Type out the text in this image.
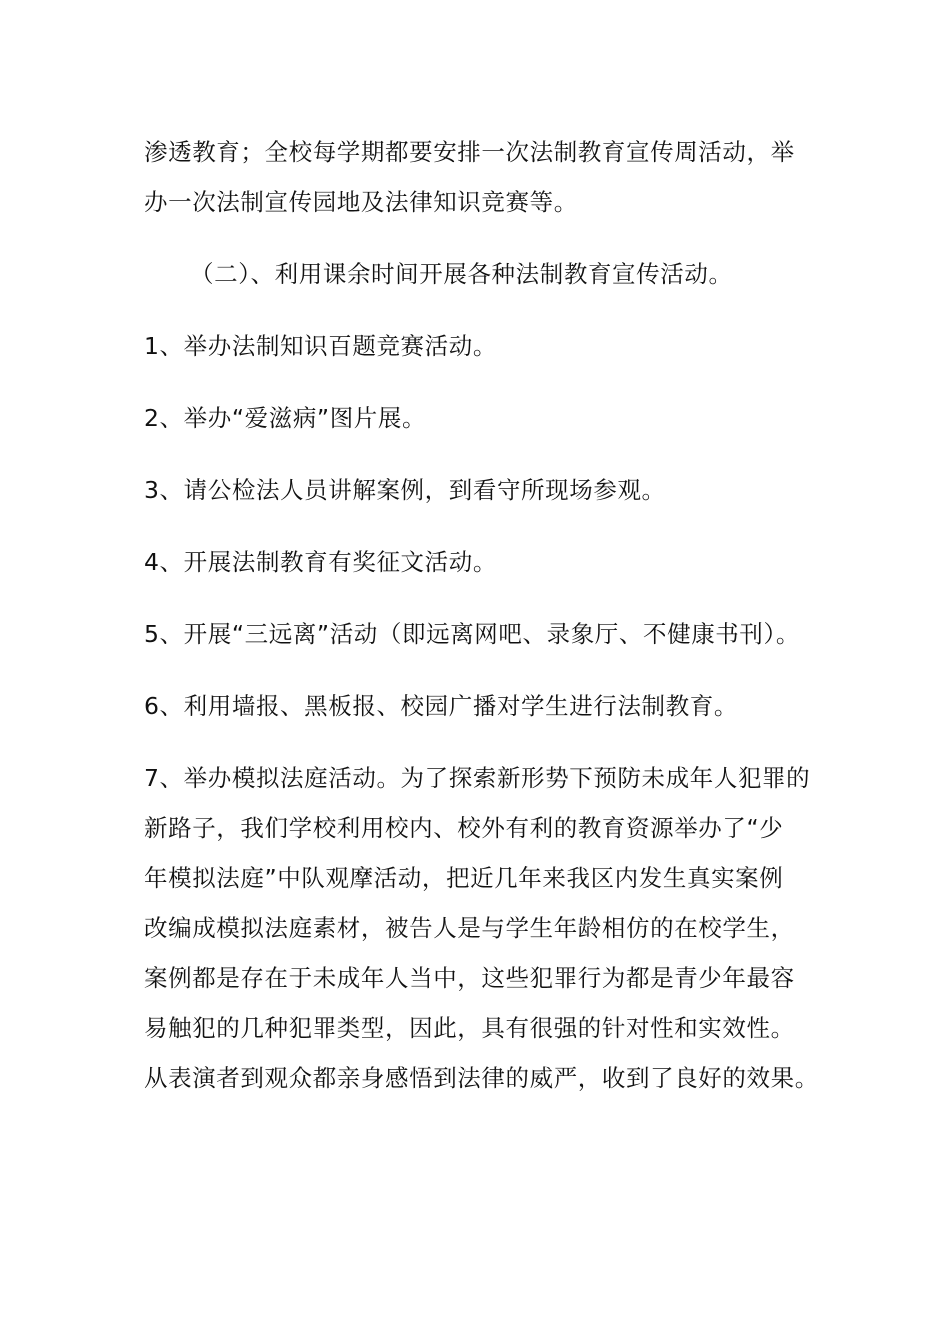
渗透教育；全校每学期都要安排一次法制教育宣传周活动，举
办一次法制宣传园地及法律知识竞赛等。
（二）、利用课余时间开展各种法制教育宣传活动。
1、举办法制知识百题竞赛活动。
2、举办“爱滋病”图片展。
3、请公检法人员讲解案例，到看守所现场参观。
4、开展法制教育有奖征文活动。
5、开展“三远离”活动（即远离网吧、录象厅、不健康书刊）。
6、利用墙报、黑板报、校园广播对学生进行法制教育。
7、举办模拟法庭活动。为了探索新形势下预防未成年人犯罪的
新路子，我们学校利用校内、校外有利的教育资源举办了“少
年模拟法庭”中队观摩活动，把近几年来我区内发生真实案例
改编成模拟法庭素材，被告人是与学生年龄相仿的在校学生，
案例都是存在于未成年人当中，这些犯罪行为都是青少年最容
易触犯的几种犯罪类型，因此，具有很强的针对性和实效性。
从表演者到观众都亲身感悟到法律的威严，收到了良好的效果。
